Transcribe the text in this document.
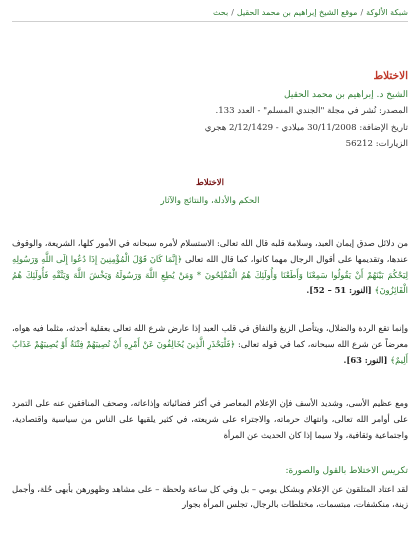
شبكة الألوكة/موقع الشيخ إبراهيم بن محمد الحقيل/بحث
الاختلاط
الشيخ د. إبراهيم بن محمد الحقيل
المصدر: نُشر في مجلة "الجندي المسلم" - العدد 133.
تاريخ الإضافة: 30/11/2008 ميلادي - 2/12/1429 هجري
الزيارات: 56212
الاختلاط
الحكم والأدلة، والنتائج والآثار
من دلائل صدق إيمان العبد، وسلامة قلبه قال الله تعالى: الاستسلام لأمره سبحانه في الأمور كلها، الشريعة، والوقوف عندها، وتقديمها على أقوال الرجال مهما كانوا، كما قال الله تعالى ﴿إِنَّمَا كَانَ قَوْلَ الْمُؤْمِنِينَ إِذَا دُعُوا إِلَى اللَّهِ وَرَسُولِهِ لِيَحْكُمَ بَيْنَهُمْ أَنْ يَقُولُوا سَمِعْنَا وَأَطَعْنَا وَأُولَئِكَ هُمُ الْمُفْلِحُونَ * وَمَنْ يُطِعِ اللَّهَ وَرَسُولَهُ وَيَخْشَ اللَّهَ وَيَتَّقْهِ فَأُولَئِكَ هُمُ الْفَائِزُونَ﴾ [النور: 51 – 52].
وإنما تقع الردة والضلال، ويتأصل الزيغ والنفاق في قلب العبد إذا عارض شرع الله تعالى بعقلية أحدثه، مثلما فيه هواه، معرضاً عن شرع الله سبحانه، كما في قوله تعالى: ﴿فَلْيَحْذَرِ الَّذِينَ يُخَالِفُونَ عَنْ أَمْرِهِ أَنْ تُصِيبَهُمْ فِتْنَةٌ أَوْ يُصِيبَهُمْ عَذَابٌ أَلِيمٌ﴾ [النور: 63].
ومع عظيم الأسى، وشديد الأسف فإن الإعلام المعاصر في أكثر فضائياته وإذاعاته، وصحف المنافقين عنه على التمرد على أوامر الله تعالى، وانتهاك حرماته، والاجتراء على شريعته، في كثير يلقيها على الناس من سياسية واقتصادية، واجتماعية وثقافية، ولا سيما إذا كان الحديث عن المرأة
تكريس الاختلاط بالقول والصورة:
لقد اعتاد المتلقون عن الإعلام وبشكل يومي – بل وفي كل ساعة ولحظة – على مشاهد وظهورهن بأبهى حُلة، وأجمل زينة، منكشفات، مبتسمات، مختلطات بالرجال، تجلس المرأة بجوار
